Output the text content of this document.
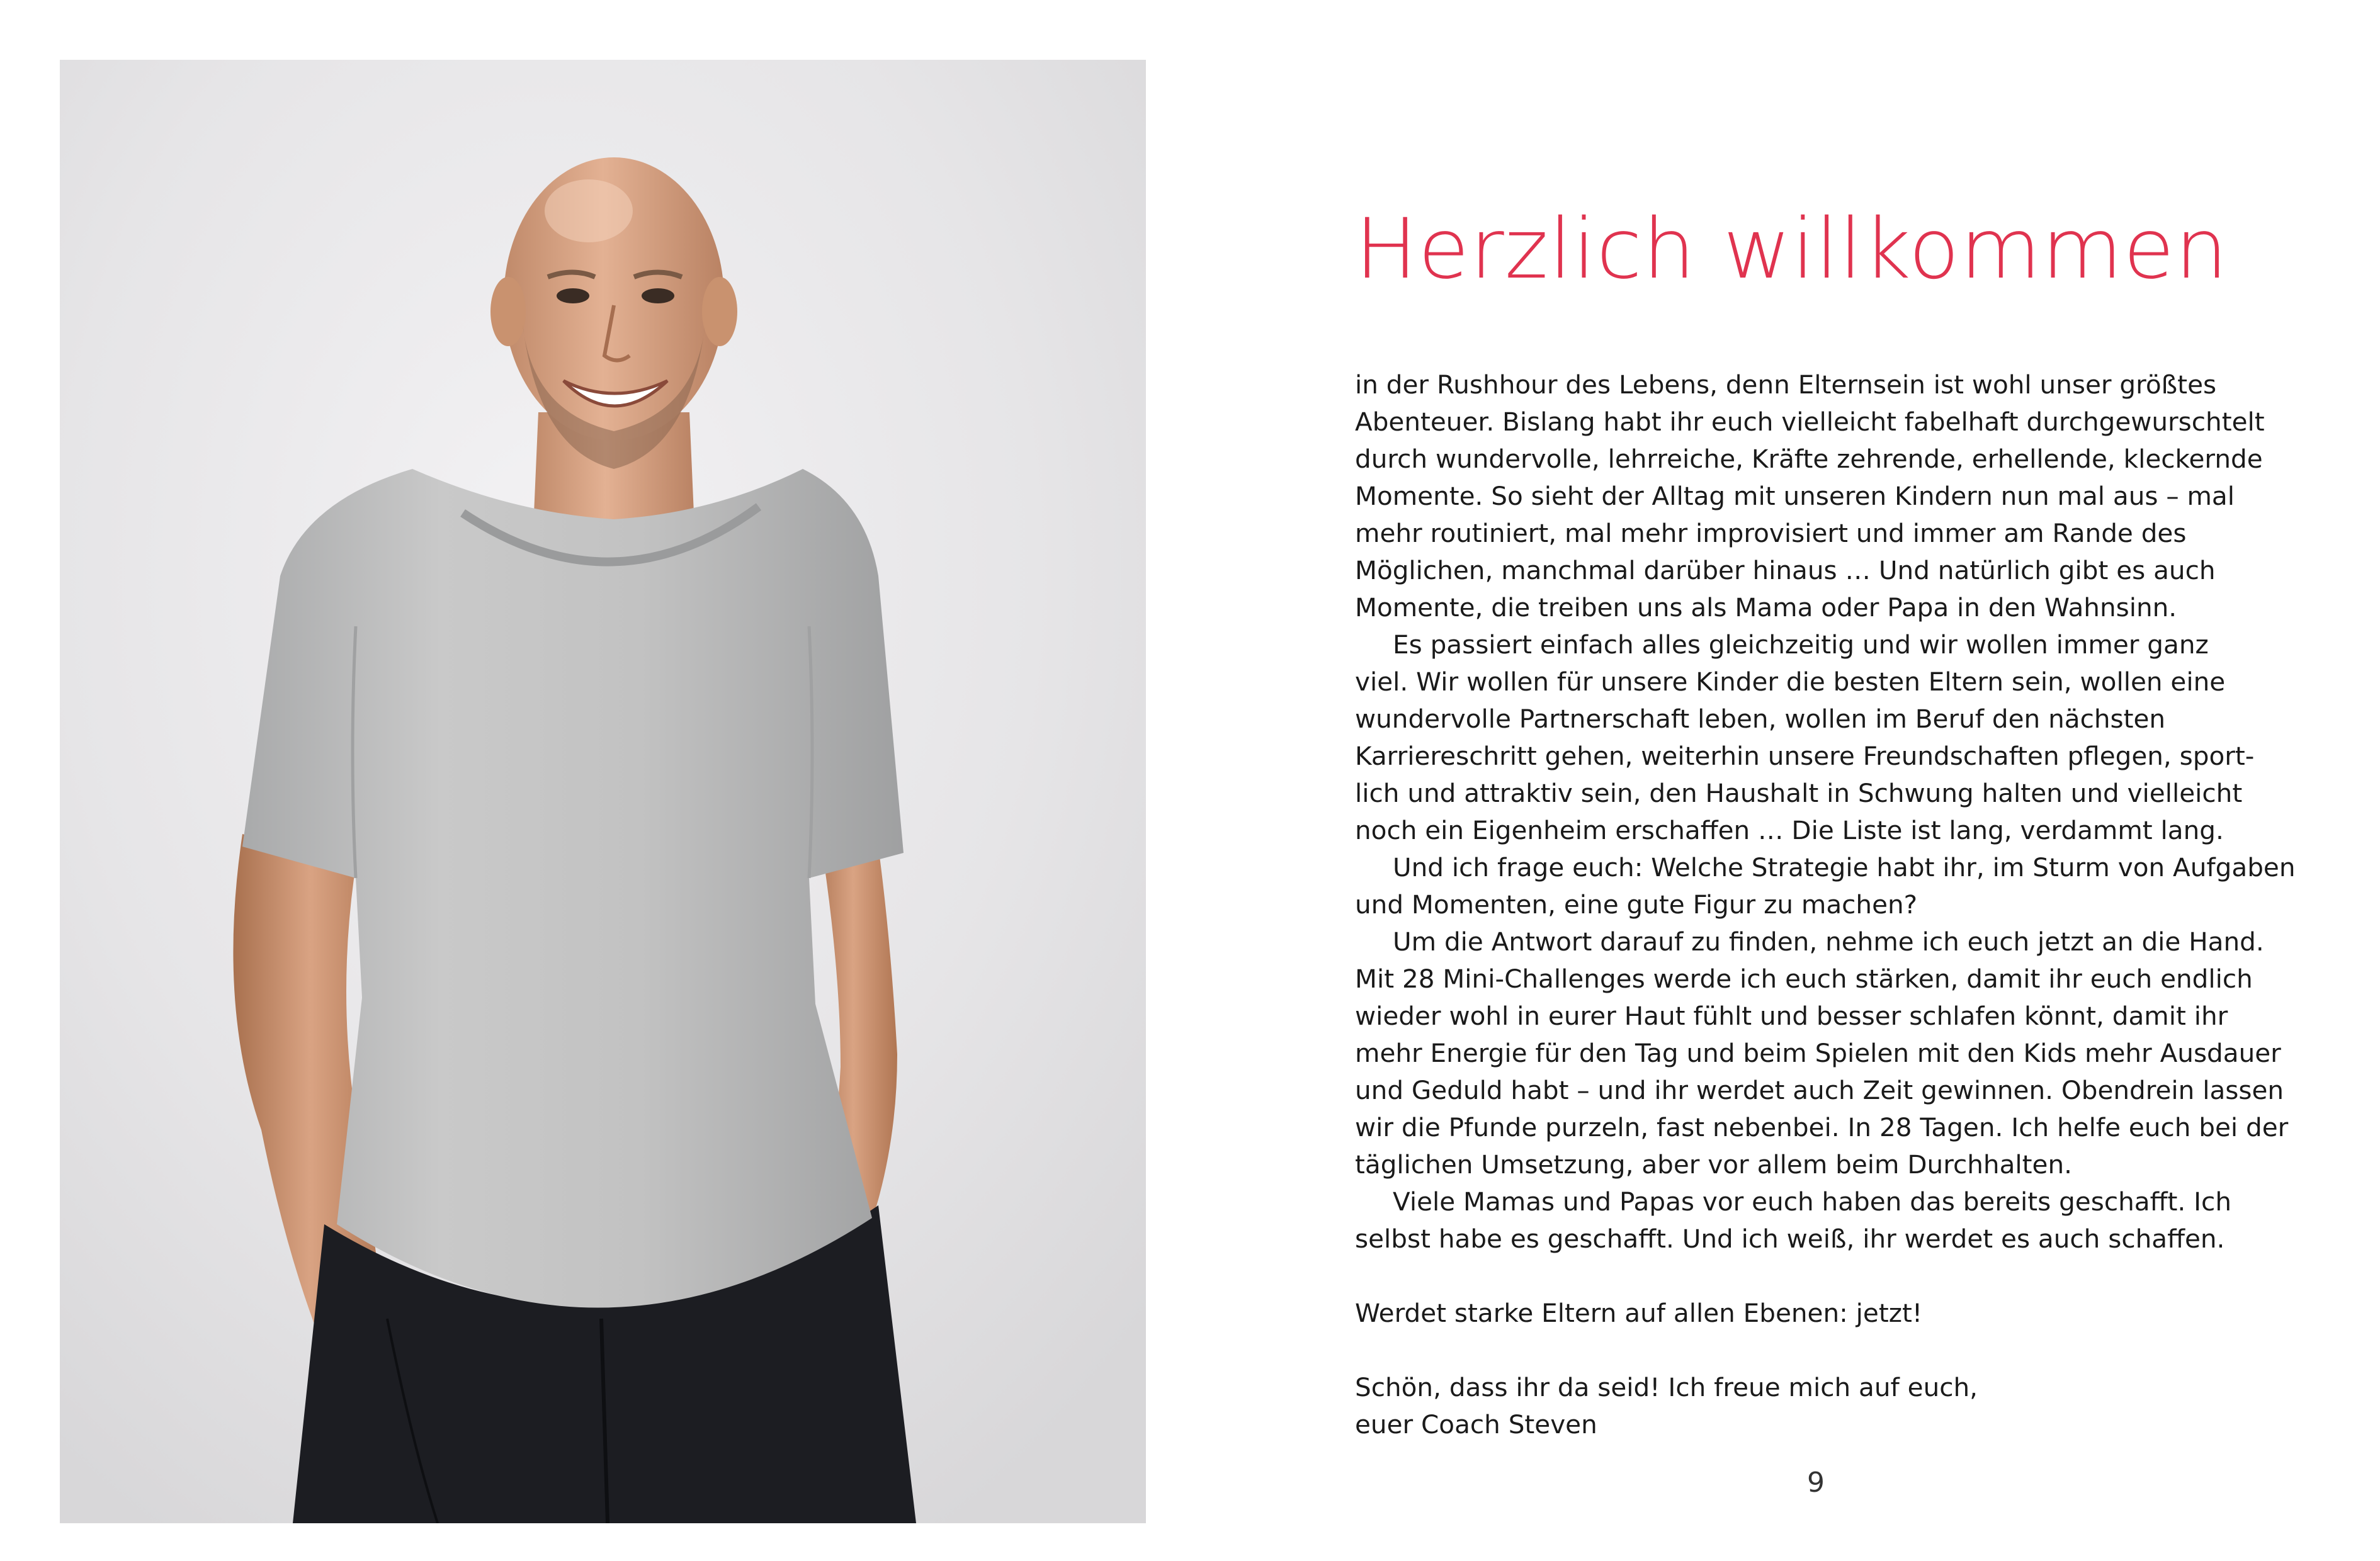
Herzlich willkommen
in der Rushhour des Lebens, denn Elternsein ist wohl unser größtes
Abenteuer. Bislang habt ihr euch vielleicht fabelhaft durchgewurschtelt
durch wundervolle, lehrreiche, Kräfte zehrende, erhellende, kleckernde
Momente. So sieht der Alltag mit unseren Kindern nun mal aus – mal
mehr routiniert, mal mehr improvisiert und immer am Rande des
Möglichen, manchmal darüber hinaus … Und natürlich gibt es auch
Momente, die treiben uns als Mama oder Papa in den Wahnsinn.
Es passiert einfach alles gleichzeitig und wir wollen immer ganz
viel. Wir wollen für unsere Kinder die besten Eltern sein, wollen eine
wundervolle Partnerschaft leben, wollen im Beruf den nächsten
Karriereschritt gehen, weiterhin unsere Freundschaften pflegen, sport-
lich und attraktiv sein, den Haushalt in Schwung halten und vielleicht
noch ein Eigenheim erschaffen … Die Liste ist lang, verdammt lang.
Und ich frage euch: Welche Strategie habt ihr, im Sturm von Aufgaben
und Momenten, eine gute Figur zu machen?
Um die Antwort darauf zu finden, nehme ich euch jetzt an die Hand.
Mit 28 Mini-Challenges werde ich euch stärken, damit ihr euch endlich
wieder wohl in eurer Haut fühlt und besser schlafen könnt, damit ihr
mehr Energie für den Tag und beim Spielen mit den Kids mehr Ausdauer
und Geduld habt – und ihr werdet auch Zeit gewinnen. Obendrein lassen
wir die Pfunde purzeln, fast nebenbei. In 28 Tagen. Ich helfe euch bei der
täglichen Umsetzung, aber vor allem beim Durchhalten.
Viele Mamas und Papas vor euch haben das bereits geschafft. Ich
selbst habe es geschafft. Und ich weiß, ihr werdet es auch schaffen.
Werdet starke Eltern auf allen Ebenen: jetzt!
Schön, dass ihr da seid! Ich freue mich auf euch,
euer Coach Steven
9
